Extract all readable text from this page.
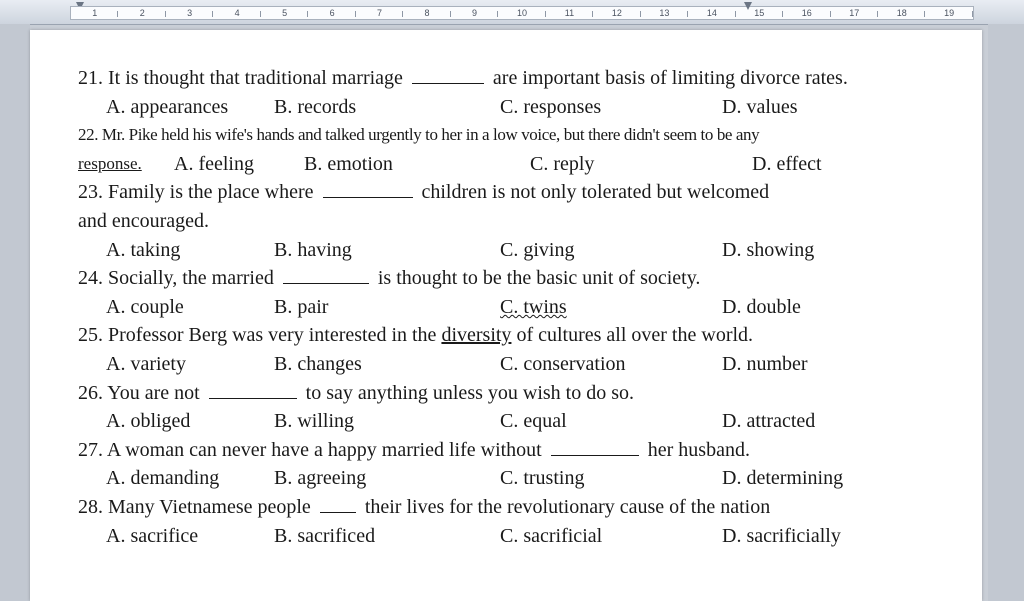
1	2	3	4	5	6	7	8	9	10	11	12	13	14	15	16	17	18	19
21. It is thought that traditional marriage	are important basis of limiting divorce rates.
A. appearances	B. records	C. responses	D. values
22. Mr. Pike held his wife's hands and talked urgently to her in a low voice, but there didn't seem to be any
response.	A. feeling	B. emotion	C. reply	D. effect
23. Family is the place where	children is not only tolerated but welcomed
and encouraged.
A. taking	B. having	C. giving	D. showing
24. Socially, the married	is thought to be the basic unit of society.
A. couple	B. pair	C. twins	D. double
25. Professor Berg was very interested in the diversity of cultures all over the world.
A. variety	B. changes	C. conservation	D. number
26. You are not	to say anything unless you wish to do so.
A. obliged	B. willing	C. equal	D. attracted
27. A woman can never have a happy married life without	her husband.
A. demanding	B. agreeing	C. trusting	D. determining
28. Many Vietnamese people	their lives for the revolutionary cause of the nation
A. sacrifice	B. sacrificed	C. sacrificial	D. sacrificially
